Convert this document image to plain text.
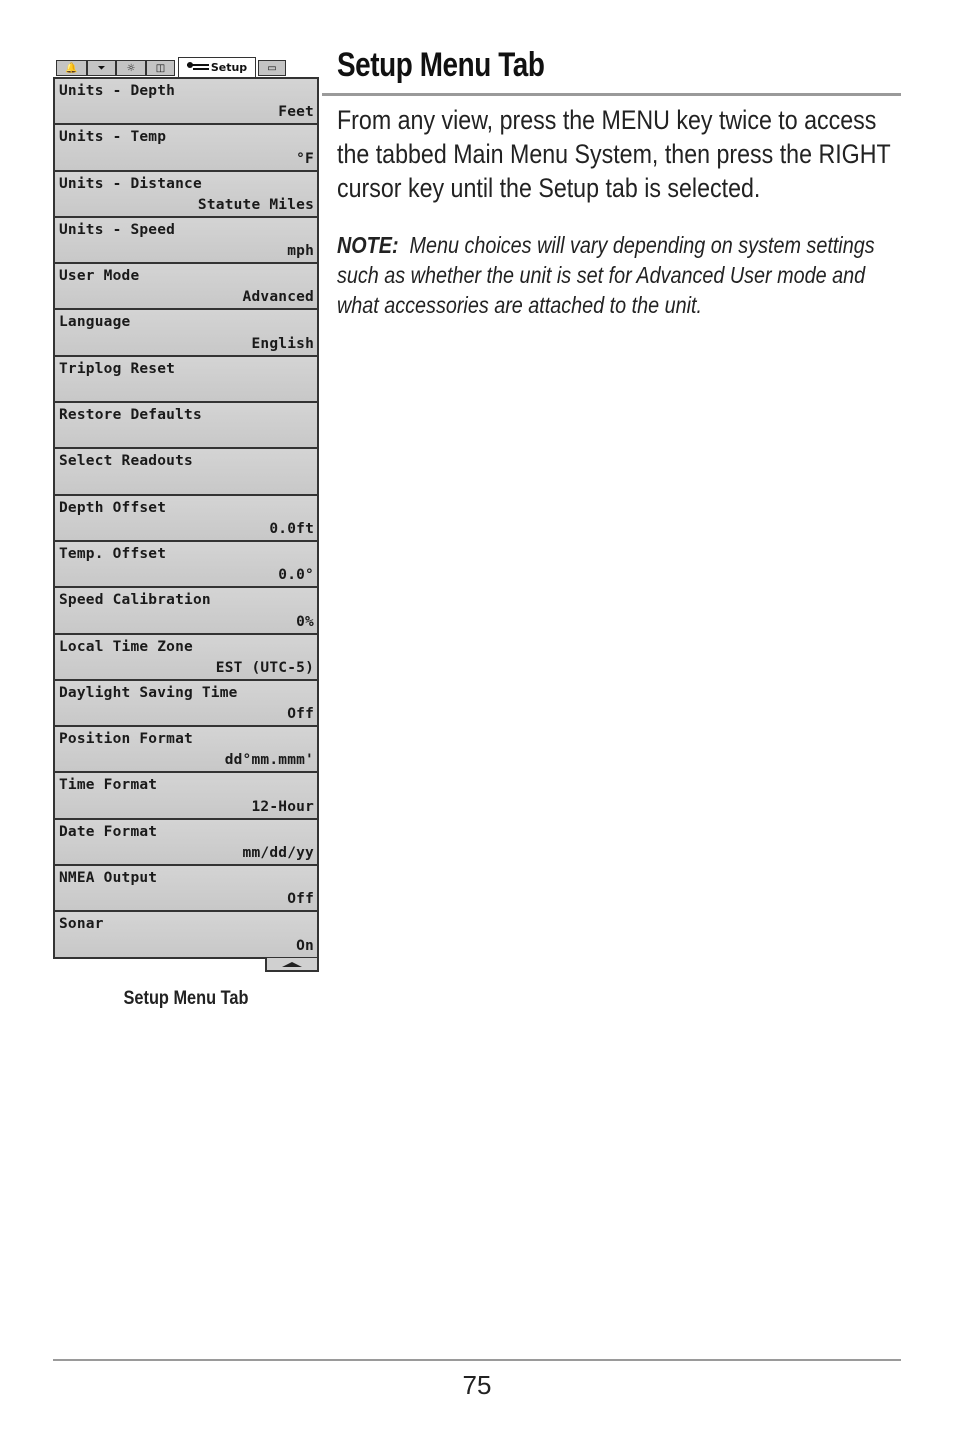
🔔 ⏷ ☼ ◫	Setup ▭
Units - Depth
Feet
Units - Temp
°F
Units - Distance
Statute Miles
Units - Speed
mph
User Mode
Advanced
Language
English
Triplog Reset
Restore Defaults
Select Readouts
Depth Offset
0.0ft
Temp. Offset
0.0°
Speed Calibration
0%
Local Time Zone
EST (UTC-5)
Daylight Saving Time
Off
Position Format
dd°mm.mmm'
Time Format
12-Hour
Date Format
mm/dd/yy
NMEA Output
Off
Sonar
On
Setup Menu Tab
Setup Menu Tab

From any view, press the MENU key twice to access the tabbed Main Menu System, then press the RIGHT cursor key until the Setup tab is selected.

NOTE: Menu choices will vary depending on system settings such as whether the unit is set for Advanced User mode and what accessories are attached to the unit.

75
